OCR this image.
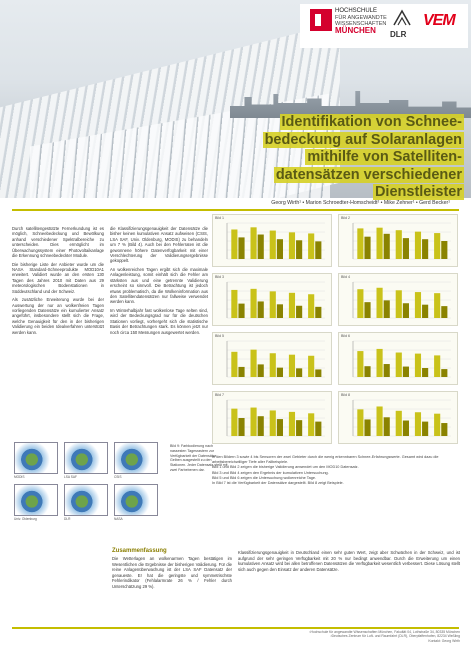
HOCHSCHULE
FÜR ANGEWANDTE
WISSENSCHAFTEN
MÜNCHEN	DLR
VEM
Identifikation von Schnee-
bedeckung auf Solaranlagen
mithilfe von Satelliten-
datensätzen verschiedener
Dienstleister
Georg Wirth¹ • Marion Schroedter-Homscheidt² • Mike Zehner¹ • Gerd Becker¹

Durch satellitengestützte Fernerkundung ist es möglich, Schneebedeckung und Bewölkung anhand verschiedener Spektralbereiche zu unterscheiden. Dies ermöglicht im Überwachungssystem einer Photovoltaikanlage die Erkennung schneebedeckter Module.

Die bisherige Liste der Anbieter wurde um die NASA Standard-Schneeprodukte MOD10A1 erweitert. Validiert wurde an den ersten 130 Tagen des Jahres 2010 mit Daten aus 29 meteorologischen Bodenstationen in Süddeutschland und der Schweiz.

Als zusätzliche Erweiterung wurde bei der Auswertung der nur an wolkenfreien Tagen vorliegenden Datensätze ein kumulierter Ansatz angeführt, insbesondere stellt sich die Frage, welche Genauigkeit für den in der bisherigen Validierung ein beiden Idealverfahren unterstützt werden kann.

die Klassifizierungsgenauigkeit der Datensätze die bisher keinen kumulativen Ansatz aufweisen (CSIS, LSA SAF, Univ. Oldenburg, MODIS) zu behandeln um 7 % (Bild 4). Auch bei den Fehlerraten ist die gewonnene höhere Datenverfügbarkeit mit einer Verschlechterung der Validierungsergebnisse gekoppelt.

An wolkenreichen Tagen ergibt sich die maximale Anlagenleistung, somit einhält sich die Fehler am stärksten aus und eine getrennte Validierung erscheint so sinnvoll. Die Betrachtung ist jedoch etwas problematisch, da die Wolkeninformation aus den Satellitendatensätzen nur fallweise verwendet werden kann.

Im Winterhalbjahr fast wolkenlose Tage selten sind, wird der Bedeckungsgrad nur für die deutschen Stationen vorliegt, vorhergeht sich die statistische Basis der Betrachtungen stark. Es können jetzt nur noch circa 150 Messungen ausgewertet werden.

Bild 1	Bild 2
Bild 3	Bild 4
Bild 5	Bild 6
Bild 7	Bild 8

In den Bildern 3 sowie 4 bis Sensoren der zwei Gebieter durch die wenig erkennbaren Schnee-Erfahrungswerte. Gesamt wird dazu die arbeitsbereichwilliger Tiefe aller Fallbeispiele.

Bild 1 und Bild 2 zeigen die bisherige Validierung anwendet um den MOD10 Datensatz.

Bild 3 und Bild 4 zeigen den Ergebnis der kumulativen Untersuchung.

Bild 5 und Bild 6 zeigen die Untersuchung wolkenreiche Tage.

In Bild 7 ist die Verfügbarkeit der Datensätze dargestellt. Bild 8 zeigt Beispiele.

MODIS	LSA SAF	CSIS
Univ. Oldenburg	DLR	NASA
Bild 9: Farbkodierung nach nassesten Tagesrastern zur Verfügbarkeit der Datensätze Gelben ausgestellt zu den Stationen. Jeder Datensatz stellt mit zwei Farbebenen dar.
Zusammenfassung
Die Wetterlagen an wolkenarmen Tagen bestätigen im Wesentlichen die Ergebnisse der bisherigen Validierung. Für die reine Anlagenüberwachung ist der LSA SAF Datensatz der genaueste. Er hat die geringste und symmetrischste Fehlerindikator (Fehlalarmrate 26 % / Fehler durch Unterschätzung 29 %).
Klassifizierungsgenauigkeit in Deutschland einen sehr guten Wert, zeigt aber Schwächen in der Schweiz, und ist aufgrund der sehr geringen Verfügbarkeit mit 20 % nur bedingt anwendbar. Durch die Erweiterung um einen kumulativen Ansatz wird bei allen betroffenen Datensätzen die Verfügbarkeit wesentlich verbessert. Diese Lösung stellt sich auch gegen den Einsatz der anderen Datensätze.
¹Hochschule für angewandte Wissenschaften München, Fakultät 04, Lothstraße 34, 80335 München
²Deutsches Zentrum für Luft- und Raumfahrt (DLR), Oberpfaffenhofen, 82234 Weßling
Kontakt: Georg Wirth
